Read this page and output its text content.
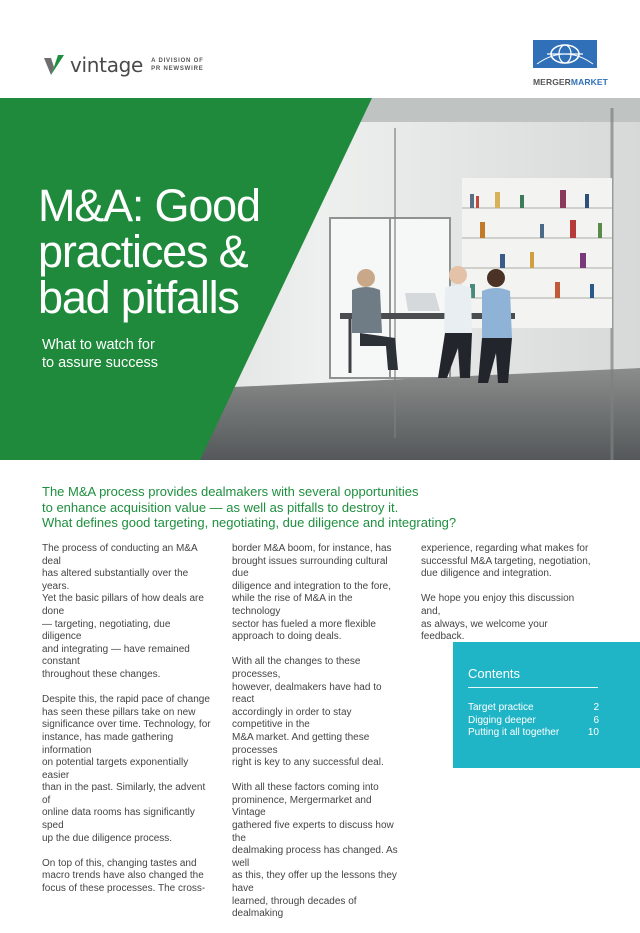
vintage A DIVISION OF
PR NEWSWIRE
MERGERMARKET
M&A: Good
practices &
bad pitfalls
What to watch for
to assure success
The M&A process provides dealmakers with several opportunities
to enhance acquisition value — as well as pitfalls to destroy it.
What defines good targeting, negotiating, due diligence and integrating?

The process of conducting an M&A deal
has altered substantially over the years.
Yet the basic pillars of how deals are done
— targeting, negotiating, due diligence
and integrating — have remained constant
throughout these changes.

Despite this, the rapid pace of change
has seen these pillars take on new
significance over time. Technology, for
instance, has made gathering information
on potential targets exponentially easier
than in the past. Similarly, the advent of
online data rooms has significantly sped
up the due diligence process.

On top of this, changing tastes and
macro trends have also changed the
focus of these processes. The cross-

border M&A boom, for instance, has
brought issues surrounding cultural due
diligence and integration to the fore,
while the rise of M&A in the technology
sector has fueled a more flexible
approach to doing deals.

With all the changes to these processes,
however, dealmakers have had to react
accordingly in order to stay competitive in the
M&A market. And getting these processes
right is key to any successful deal.

With all these factors coming into
prominence, Mergermarket and Vintage
gathered five experts to discuss how the
dealmaking process has changed. As well
as this, they offer up the lessons they have
learned, through decades of dealmaking

experience, regarding what makes for
successful M&A targeting, negotiation,
due diligence and integration.

We hope you enjoy this discussion and,
as always, we welcome your feedback.

Contents
Target practice	2
Digging deeper	6
Putting it all together	10
